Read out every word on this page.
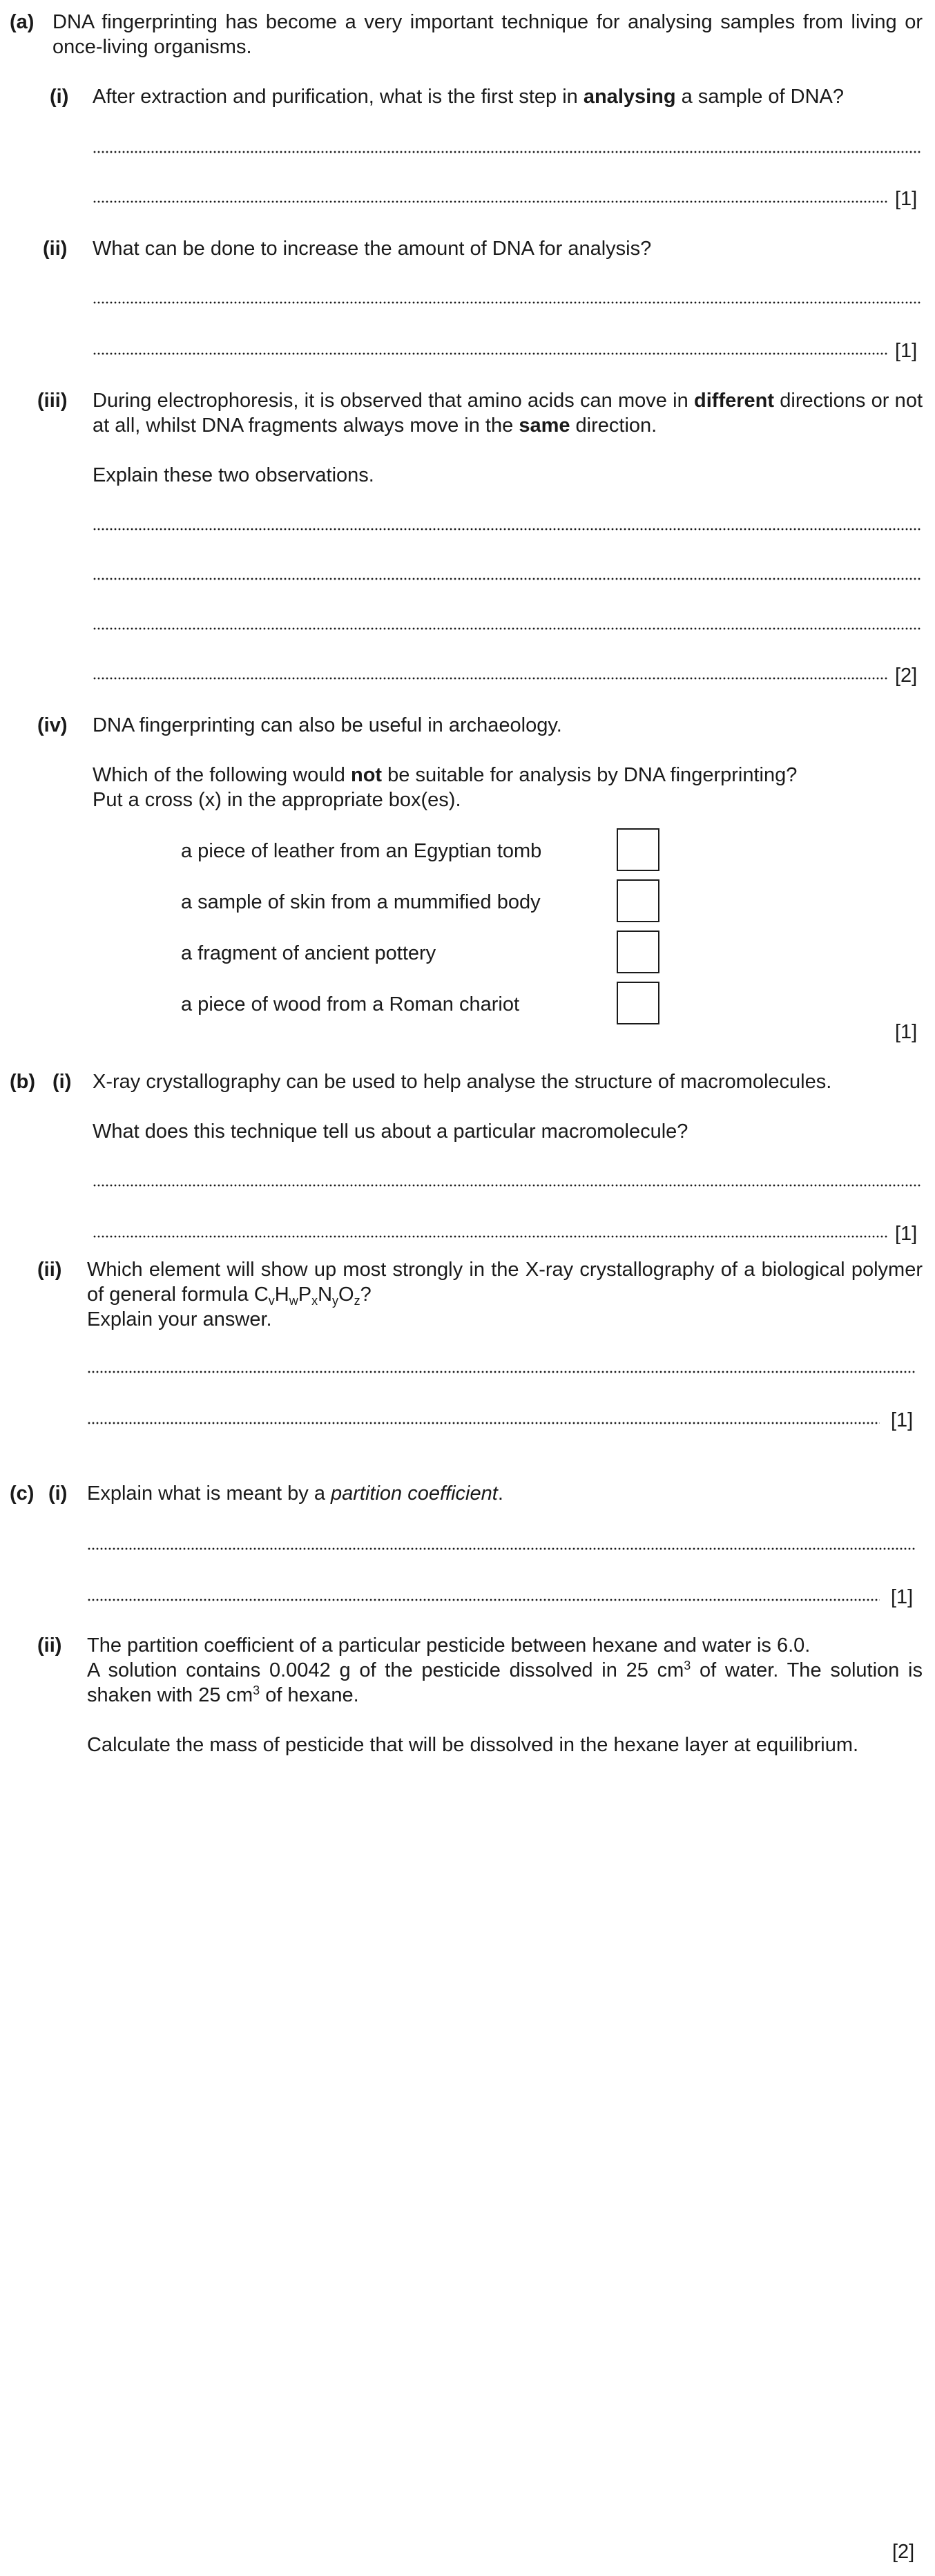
(a) DNA fingerprinting has become a very important technique for analysing samples from living or once-living organisms.
(i) After extraction and purification, what is the first step in analysing a sample of DNA?
[1]
(ii) What can be done to increase the amount of DNA for analysis?
[1]
(iii) During electrophoresis, it is observed that amino acids can move in different directions or not at all, whilst DNA fragments always move in the same direction.
Explain these two observations.
[2]
(iv) DNA fingerprinting can also be useful in archaeology.
Which of the following would not be suitable for analysis by DNA fingerprinting?
Put a cross (x) in the appropriate box(es).
a piece of leather from an Egyptian tomb
a sample of skin from a mummified body
a fragment of ancient pottery
a piece of wood from a Roman chariot
[1]
(b) (i) X-ray crystallography can be used to help analyse the structure of macromolecules.
What does this technique tell us about a particular macromolecule?
[1]
(ii) Which element will show up most strongly in the X-ray crystallography of a biological polymer of general formula $C_vH_wP_xN_yO_z$?
Explain your answer.
[1]
(c) (i) Explain what is meant by a partition coefficient.
[1]
(ii) The partition coefficient of a particular pesticide between hexane and water is 6.0.
A solution contains 0.0042 g of the pesticide dissolved in 25 $cm^3$ of water. The solution is shaken with 25 $cm^3$ of hexane.
Calculate the mass of pesticide that will be dissolved in the hexane layer at equilibrium.
[2]
